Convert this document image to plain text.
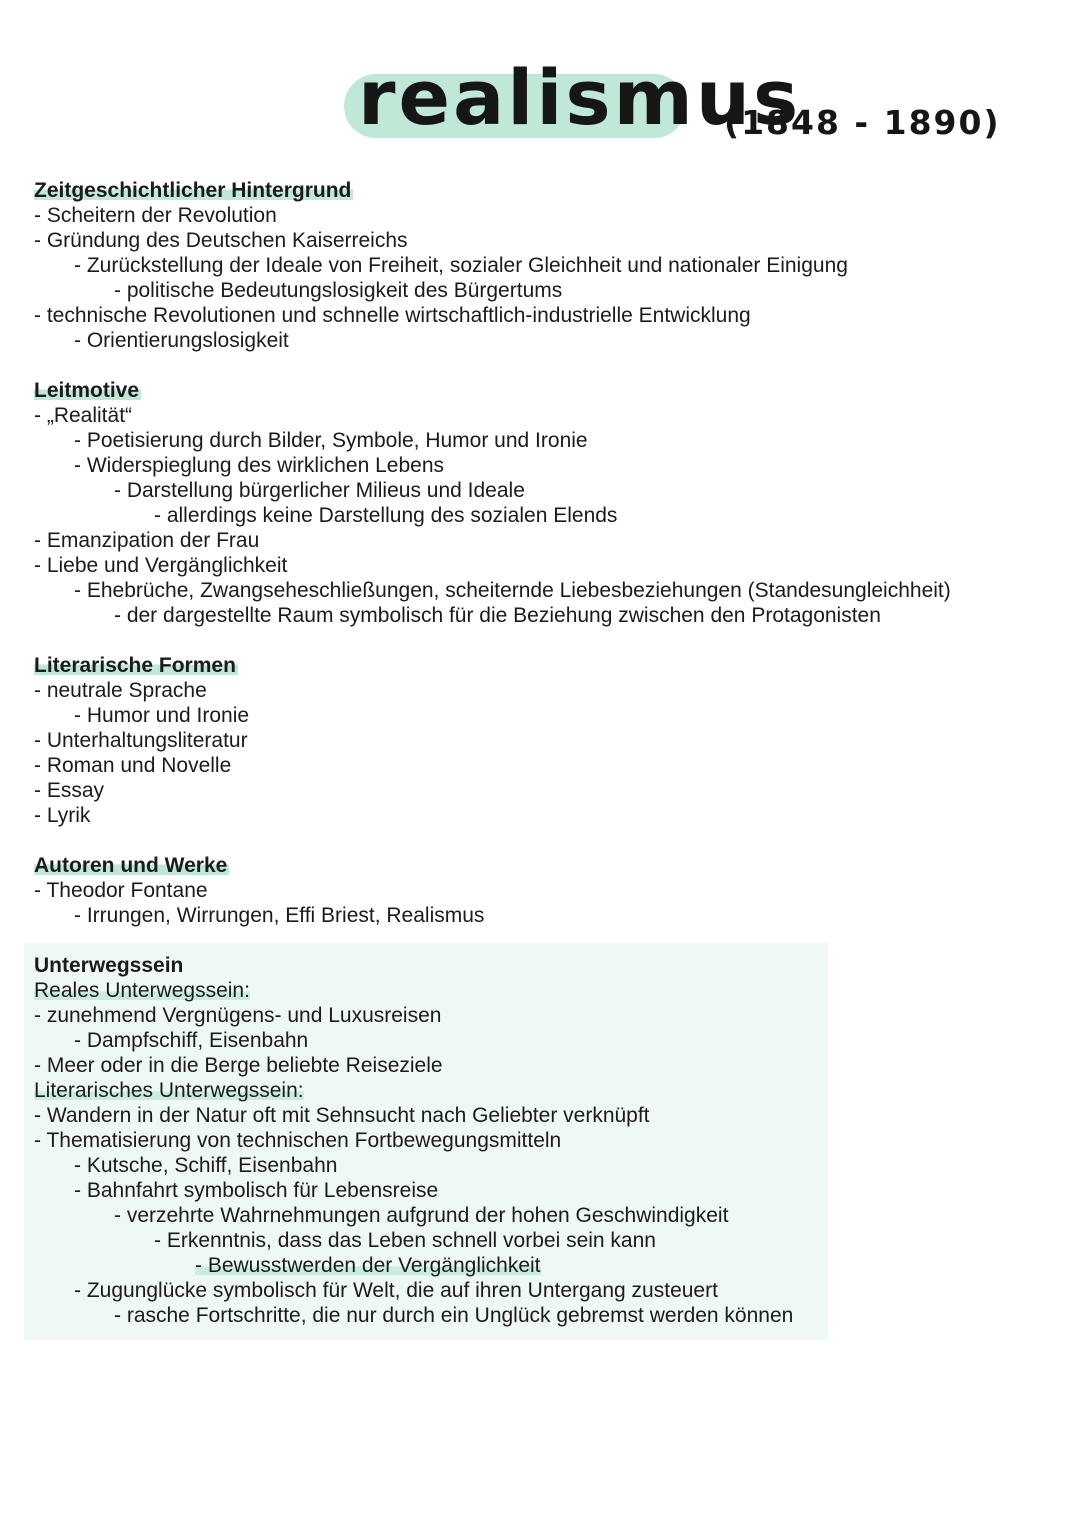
realismus
(1848 - 1890)
Zeitgeschichtlicher Hintergrund
- Scheitern der Revolution
- Gründung des Deutschen Kaiserreichs
- Zurückstellung der Ideale von Freiheit, sozialer Gleichheit und nationaler Einigung
- politische Bedeutungslosigkeit des Bürgertums
- technische Revolutionen und schnelle wirtschaftlich-industrielle Entwicklung
- Orientierungslosigkeit
Leitmotive
- „Realität“
- Poetisierung durch Bilder, Symbole, Humor und Ironie
- Widerspieglung des wirklichen Lebens
- Darstellung bürgerlicher Milieus und Ideale
- allerdings keine Darstellung des sozialen Elends
- Emanzipation der Frau
- Liebe und Vergänglichkeit
- Ehebrüche, Zwangseheschließungen, scheiternde Liebesbeziehungen (Standesungleichheit)
- der dargestellte Raum symbolisch für die Beziehung zwischen den Protagonisten
Literarische Formen
- neutrale Sprache
- Humor und Ironie
- Unterhaltungsliteratur
- Roman und Novelle
- Essay
- Lyrik
Autoren und Werke
- Theodor Fontane
- Irrungen, Wirrungen, Effi Briest, Realismus
Unterwegssein
Reales Unterwegssein:
- zunehmend Vergnügens- und Luxusreisen
- Dampfschiff, Eisenbahn
- Meer oder in die Berge beliebte Reiseziele
Literarisches Unterwegssein:
- Wandern in der Natur oft mit Sehnsucht nach Geliebter verknüpft
- Thematisierung von technischen Fortbewegungsmitteln
- Kutsche, Schiff, Eisenbahn
- Bahnfahrt symbolisch für Lebensreise
- verzehrte Wahrnehmungen aufgrund der hohen Geschwindigkeit
- Erkenntnis, dass das Leben schnell vorbei sein kann
- Bewusstwerden der Vergänglichkeit
- Zugunglücke symbolisch für Welt, die auf ihren Untergang zusteuert
- rasche Fortschritte, die nur durch ein Unglück gebremst werden können
